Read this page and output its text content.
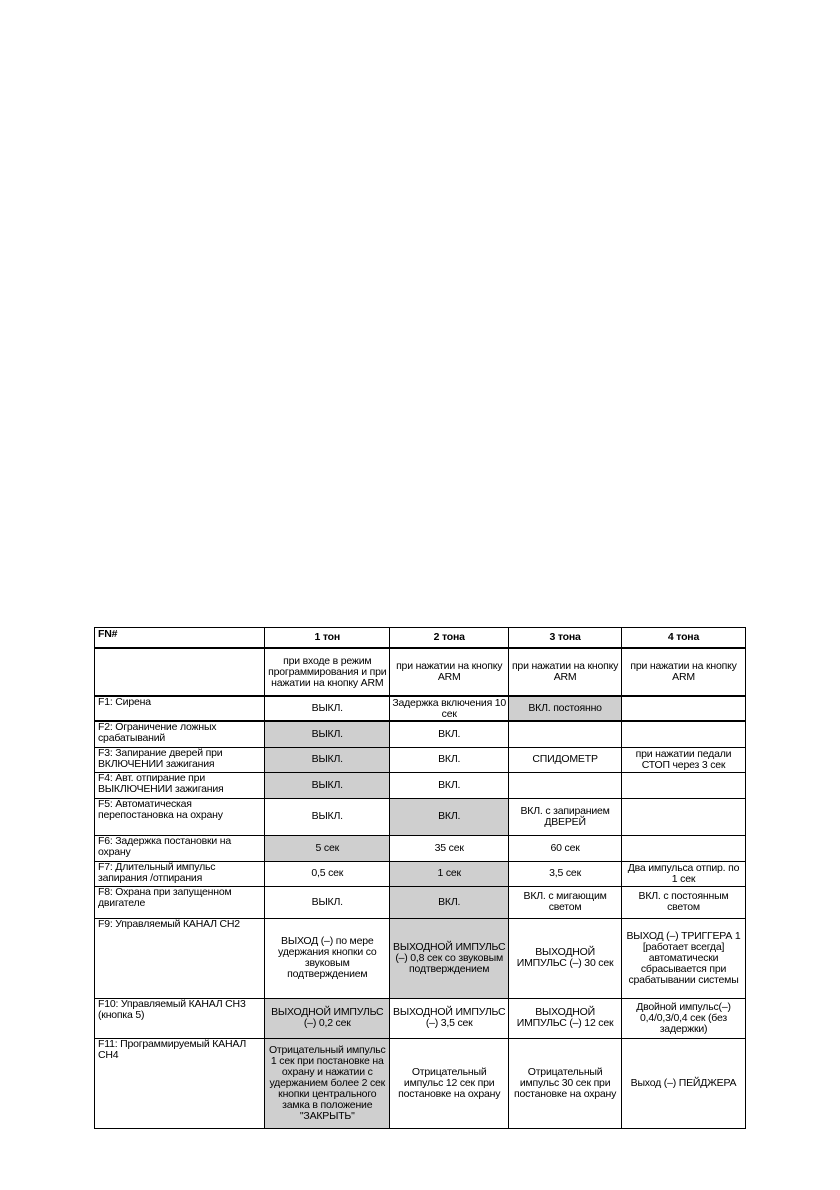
FN#	1 тон	2 тона	3 тона	4 тона
	при входе в режим программирования и при нажатии на кнопку ARM	при нажатии на кнопку ARM	при нажатии на кнопку ARM	при нажатии на кнопку ARM
F1: Сирена	ВЫКЛ.	Задержка включения 10 сек	ВКЛ. постоянно	
F2: Ограничение ложных срабатываний	ВЫКЛ.	ВКЛ.		
F3: Запирание дверей при ВКЛЮЧЕНИИ зажигания	ВЫКЛ.	ВКЛ.	СПИДОМЕТР	при нажатии педали СТОП через 3 сек
F4: Авт. отпирание при ВЫКЛЮЧЕНИИ зажигания	ВЫКЛ.	ВКЛ.		
F5: Автоматическая перепостановка на охрану	ВЫКЛ.	ВКЛ.	ВКЛ. с запиранием ДВЕРЕЙ	
F6: Задержка постановки на охрану	5 сек	35 сек	60 сек	
F7: Длительный импульс запирания /отпирания	0,5 сек	1 сек	3,5 сек	Два импульса отпир. по 1 сек
F8: Охрана при запущенном двигателе	ВЫКЛ.	ВКЛ.	ВКЛ. с мигающим светом	ВКЛ. с постоянным светом
F9: Управляемый КАНАЛ CH2	ВЫХОД (–) по мере удержания кнопки со звуковым подтверждением	ВЫХОДНОЙ ИМПУЛЬС (–) 0,8 сек со звуковым подтверждением	ВЫХОДНОЙ ИМПУЛЬС (–) 30 сек	ВЫХОД (–) ТРИГГЕРА 1 [работает всегда] автоматически сбрасывается при срабатывании системы
F10: Управляемый КАНАЛ CH3 (кнопка 5)	ВЫХОДНОЙ ИМПУЛЬС (–) 0,2 сек	ВЫХОДНОЙ ИМПУЛЬС (–) 3,5 сек	ВЫХОДНОЙ ИМПУЛЬС (–) 12 сек	Двойной импульс(–) 0,4/0,3/0,4 сек (без задержки)
F11: Программируемый КАНАЛ CH4	Отрицательный импульс 1 сек при постановке на охрану и нажатии с удержанием более 2 сек кнопки центрального замка в положение "ЗАКРЫТЬ"	Отрицательный импульс 12 сек при постановке на охрану	Отрицательный импульс 30 сек при постановке на охрану	Выход (–) ПЕЙДЖЕРА
